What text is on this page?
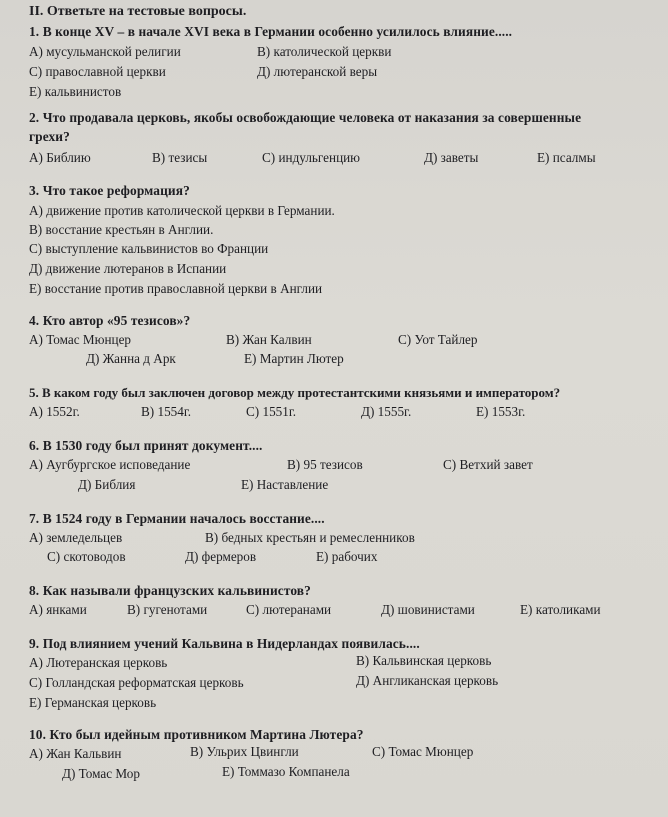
II. Ответьте на тестовые вопросы.
1. В конце XV – в начале XVI века в Германии особенно усилилось влияние.....
А) мусульманской религии	В) католической церкви
С) православной церкви	Д) лютеранской веры
Е) кальвинистов
2. Что продавала церковь, якобы освобождающие человека от наказания за совершенные
грехи?
А) Библию	В) тезисы	С) индульгенцию	Д) заветы	Е) псалмы
3. Что такое реформация?
А) движение против католической церкви в Германии.
В) восстание крестьян в Англии.
С) выступление кальвинистов во Франции
Д) движение лютеранов в Испании
Е) восстание против православной церкви в Англии
4. Кто автор «95 тезисов»?
А) Томас Мюнцер	В) Жан Калвин	С) Уот Тайлер
Д) Жанна д Арк	Е) Мартин Лютер
5. В каком году был заключен договор между протестантскими князьями и императором?
А) 1552г.	В) 1554г.	С) 1551г.	Д) 1555г.	Е) 1553г.
6. В 1530 году был принят документ....
А) Аугбургское исповедание	В) 95 тезисов	С) Ветхий завет
Д) Библия	Е) Наставление
7. В 1524 году в Германии началось восстание....
А) земледельцев	В) бедных крестьян и ремесленников
С) скотоводов	Д) фермеров	Е) рабочих
8. Как называли французских кальвинистов?
А) янками	В) гугенотами	С) лютеранами	Д) шовинистами	Е) католиками
9. Под влиянием учений Кальвина в Нидерландах появилась....
А) Лютеранская церковь	В) Кальвинская церковь
С) Голландская реформатская церковь	Д) Англиканская церковь
Е) Германская церковь
10. Кто был идейным противником Мартина Лютера?
А) Жан Кальвин	В) Ульрих Цвингли	С) Томас Мюнцер
Д) Томас Мор	Е) Томмазо Компанела
